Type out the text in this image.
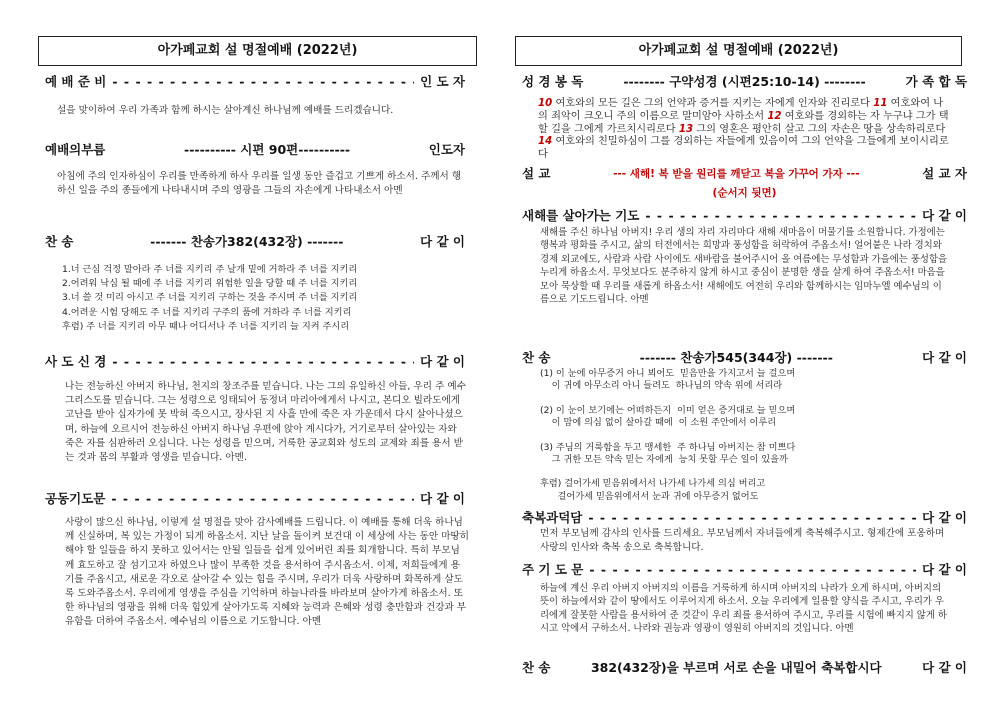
아가페교회 설 명절예배 (2022년)
예 배 준 비 - - -	인 도 자

설을 맞이하여 우리 가족과 함께 하시는 살아계신 하나님께 예배를 드리겠습니다.

예배의부름	---------- 시편 90편----------	인도자

아침에 주의 인자하심이 우리를 만족하게 하사 우리를 일생 동안 즐겁고 기쁘게 하소서. 주께서 행하신 일을 주의 종들에게 나타내시며 주의 영광을 그들의 자손에게 나타내소서 아멘

찬 송	------- 찬송가382(432장) -------	다 같 이

1.너 근심 걱정 말아라 주 너를 지키리 주 날개 밑에 거하라 주 너를 지키리

2.어려워 낙심 될 때에 주 너를 지키리 위험한 일을 당할 때 주 너를 지키리

3.너 쓸 것 미리 아시고 주 너를 지키리 구하는 것을 주시며 주 너를 지키리

4.어려운 시험 당해도 주 너를 지키리 구주의 품에 거하라 주 너를 지키리

후렴) 주 너를 지키리 아무 때나 어디서나 주 너를 지키리 늘 지켜 주시리

사 도 신 경 - - -	다 같 이

나는 전능하신 아버지 하나님, 천지의 창조주를 믿습니다. 나는 그의 유일하신 아들, 우리 주 예수 그리스도를 믿습니다. 그는 성령으로 잉태되어 동정녀 마리아에게서 나시고, 본디오 빌라도에게 고난을 받아 십자가에 못 박혀 죽으시고, 장사된 지 사흘 만에 죽은 자 가운데서 다시 살아나셨으며, 하늘에 오르시어 전능하신 아버지 하나님 우편에 앉아 계시다가, 거기로부터 살아있는 자와 죽은 자를 심판하러 오십니다. 나는 성령을 믿으며, 거룩한 공교회와 성도의 교제와 죄를 용서 받는 것과 몸의 부활과 영생을 믿습니다. 아멘.

공동기도문 - - -	다 같 이

사랑이 많으신 하나님, 이렇게 설 명절을 맞아 감사예배를 드립니다. 이 예배를 통해 더욱 하나님께 신실하며, 복 있는 가정이 되게 하옵소서. 지난 날을 돌이켜 보건대 이 세상에 사는 동안 마땅히 해야 할 일들을 하지 못하고 있어서는 안될 일들을 쉽게 있어버린 죄를 회개합니다. 특히 부모님께 효도하고 잘 섬기고자 하였으나 많이 부족한 것을 용서하여 주시옵소서. 이제, 저희들에게 용기를 주옵시고, 새로운 각오로 살아갈 수 있는 힘을 주시며, 우리가 더욱 사랑하며 화목하게 살도록 도와주옵소서. 우리에게 영생을 주심을 기억하며 하늘나라를 바라보며 살아가게 하옵소서. 또한 하나님의 영광을 위해 더욱 힘있게 살아가도록 지혜와 능력과 은혜와 성령 충만함과 건강과 부유함을 더하여 주옵소서. 예수님의 이름으로 기도합니다. 아멘

아가페교회 설 명절예배 (2022년)
성 경 봉 독	-------- 구약성경 (시편25:10-14) --------	가 족 합 독
10 여호와의 모든 길은 그의 언약과 증거를 지키는 자에게 인자와 진리로다 11 여호와여 나의 죄악이 크오니 주의 이름으로 말미암아 사하소서 12 여호와를 경외하는 자 누구냐 그가 택할 길을 그에게 가르치시리로다 13 그의 영혼은 평안히 살고 그의 자손은 땅을 상속하리로다 14 여호와의 친밀하심이 그를 경외하는 자들에게 있음이여 그의 언약을 그들에게 보이시리로다
설 교	--- 새해! 복 받을 원리를 깨닫고 복을 가꾸어 가자 ---	설 교 자
(순서지 뒷면)
새해를 살아가는 기도 - - -	다 같 이

새해를 주신 하나님 아버지! 우리 생의 자리 자리마다 새해 새마음이 머물기를 소원합니다. 가정에는 행복과 평화를 주시고, 삶의 터전에서는 희망과 풍성함을 허락하여 주옵소서! 얼어붙은 나라 경치와 경제 외교에도, 사람과 사람 사이에도 새바람을 불어주시어 올 여름에는 무성함과 가을에는 풍성함을 누리게 하옵소서. 무엇보다도 분주하지 않게 하시고 중심이 분명한 생을 살게 하여 주옵소서! 마음을 모아 묵상할 때 우리를 새롭게 하옵소서! 새해에도 여전히 우리와 함께하시는 임마누엘 예수님의 이름으로 기도드립니다. 아멘

찬 송	------- 찬송가545(344장) -------	다 같 이
(1) 이 눈에 아무증거 아니 뵈어도  믿음만을 가지고서 늘 걸으며
이 귀에 아무소리 아니 들려도  하나님의 약속 위에 서리라
(2) 이 눈이 보기에는 어떠하든지  이미 얻은 증거대로 늘 믿으며
이 맘에 의심 없이 살아갈 때에  이 소원 주안에서 이루리
(3) 주님의 거룩함을 두고 맹세한  주 하나님 아버지는 참 미쁘다
그 귀한 모든 약속 믿는 자에게  능치 못할 무슨 일이 있을까
후렴) 걸어가세 믿음위에서서 나가세 나가세 의심 버리고
걸어가세 믿음위에서서 눈과 귀에 아무증거 없어도
축복과덕담 - - -	다 같 이

먼저 부모님께 감사의 인사를 드리세요. 부모님께서 자녀들에게 축복해주시고. 형제간에 포옹하며 사랑의 인사와 축복 송으로 축복합니다.

주 기 도 문 - - -	다 같 이

하늘에 계신 우리 아버지 아버지의 이름을 거룩하게 하시며 아버지의 나라가 오게 하시며, 아버지의 뜻이 하늘에서와 같이 땅에서도 이루어지게 하소서. 오늘 우리에게 일용할 양식을 주시고, 우리가 우리에게 잘못한 사람을 용서하여 준 것같이 우리 죄를 용서하여 주시고, 우리를 시험에 빠지지 않게 하시고 악에서 구하소서. 나라와 권능과 영광이 영원히 아버지의 것입니다. 아멘

찬 송	382(432장)을 부르며 서로 손을 내밀어 축복합시다	다 같 이
